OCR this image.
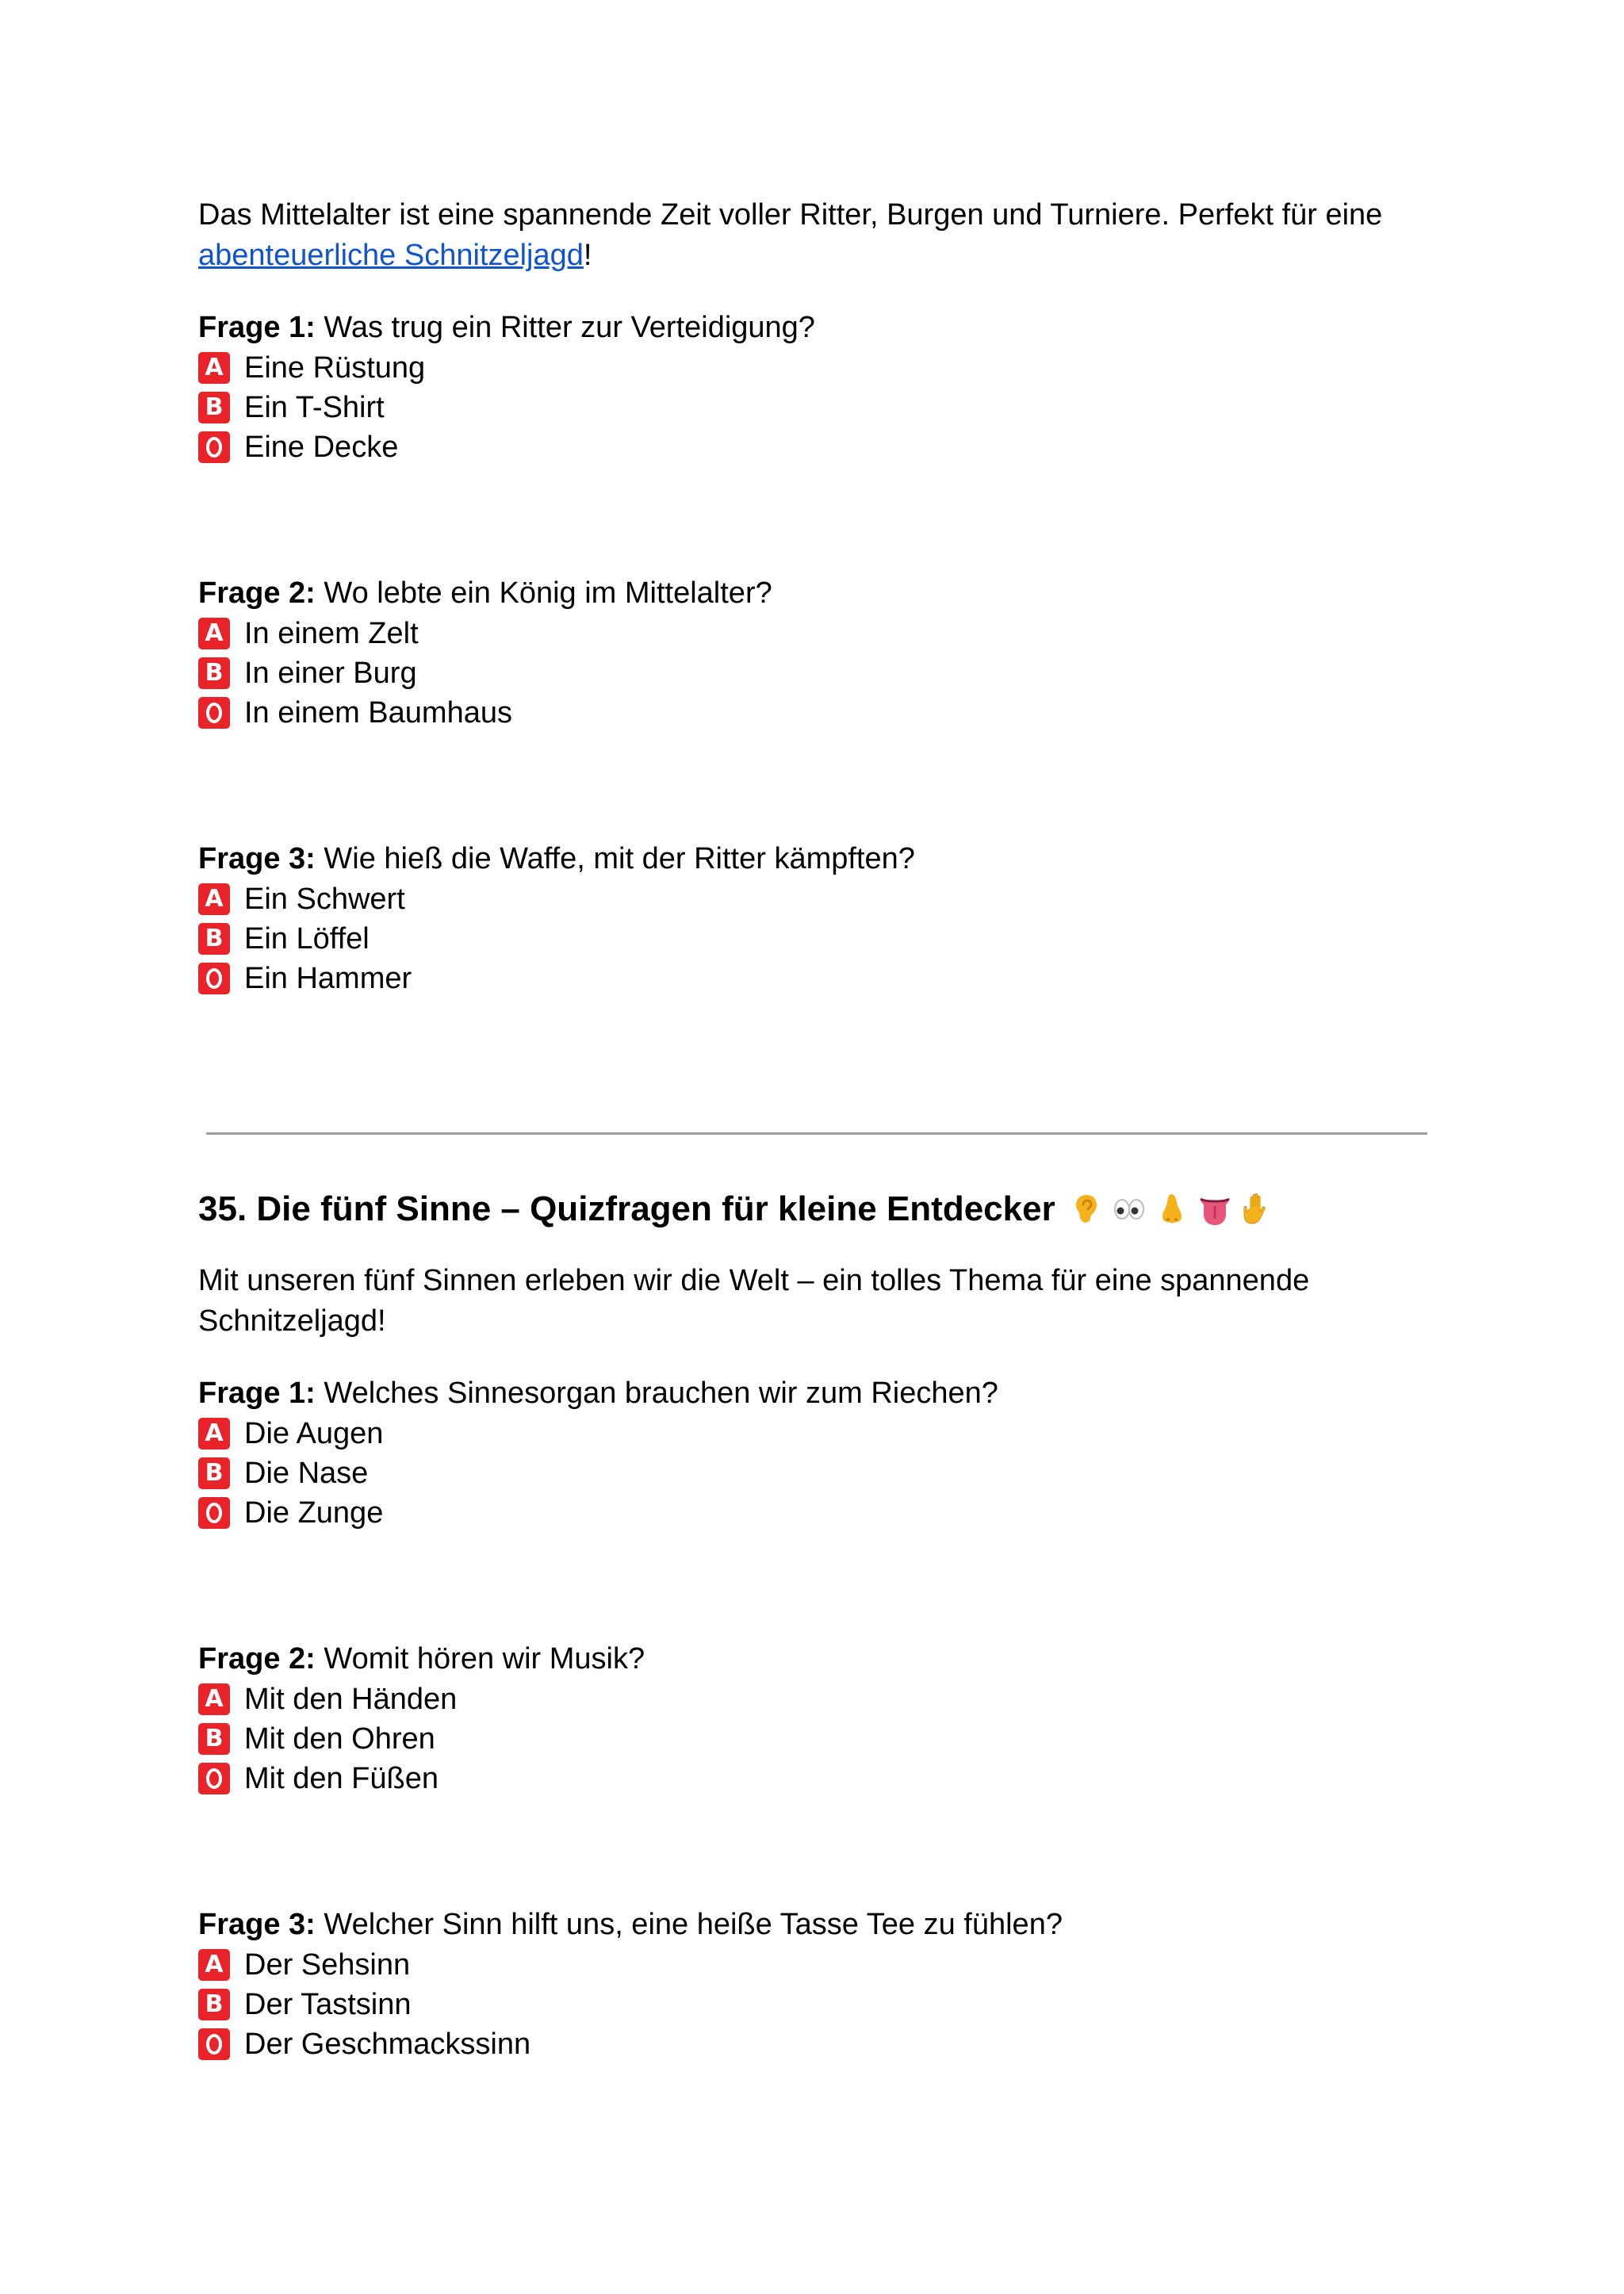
Das Mittelalter ist eine spannende Zeit voller Ritter, Burgen und Turniere. Perfekt für eine
abenteuerliche Schnitzeljagd!

Frage 1: Was trug ein Ritter zur Verteidigung?

A Eine Rüstung
B Ein T-Shirt
Eine Decke

Frage 2: Wo lebte ein König im Mittelalter?

A In einem Zelt
B In einer Burg
In einem Baumhaus

Frage 3: Wie hieß die Waffe, mit der Ritter kämpften?

A Ein Schwert
B Ein Löffel
Ein Hammer
35. Die fünf Sinne – Quizfragen für kleine Entdecker

Mit unseren fünf Sinnen erleben wir die Welt – ein tolles Thema für eine spannende
Schnitzeljagd!

Frage 1: Welches Sinnesorgan brauchen wir zum Riechen?

A Die Augen
B Die Nase
Die Zunge

Frage 2: Womit hören wir Musik?

A Mit den Händen
B Mit den Ohren
Mit den Füßen

Frage 3: Welcher Sinn hilft uns, eine heiße Tasse Tee zu fühlen?

A Der Sehsinn
B Der Tastsinn
Der Geschmackssinn
